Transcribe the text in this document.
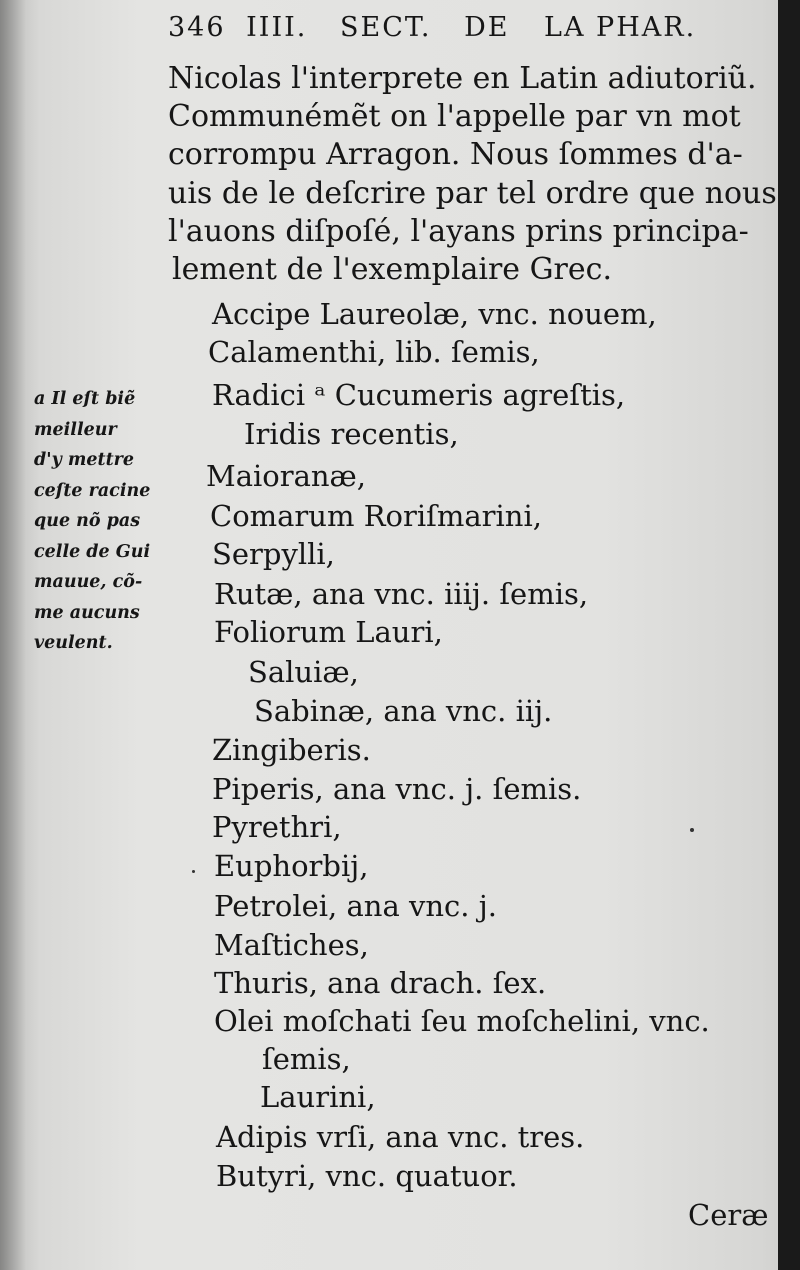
346 IIII. SECT. DE LA PHAR.
Nicolas l'interprete en Latin adiutoriũ.
Communémẽt on l'appelle par vn mot
corrompu Arragon. Nous ſommes d'a-
uis de le deſcrire par tel ordre que nous
l'auons diſpoſé, l'ayans prins principa-
lement de l'exemplaire Grec.
Accipe Laureolæ, vnc. nouem,
Calamenthi, lib. ſemis,
Radici ᵃ Cucumeris agreſtis,
Iridis recentis,
Maioranæ,
Comarum Roriſmarini,
Serpylli,
Rutæ, ana vnc. iiij. ſemis,
Foliorum Lauri,
Saluiæ,
Sabinæ, ana vnc. iij.
Zingiberis.
Piperis, ana vnc. j. ſemis.
Pyrethri,
Euphorbij,
Petrolei, ana vnc. j.
Maſtiches,
Thuris, ana drach. ſex.
Olei moſchati ſeu moſchelini, vnc.
ſemis,
Laurini,
Adipis vrſi, ana vnc. tres.
Butyri, vnc. quatuor.
a Il eſt biẽ
meilleur
d'y mettre
ceſte racine
que nõ pas
celle de Gui
mauue, cõ-
me aucuns
veulent.
Ceræ
